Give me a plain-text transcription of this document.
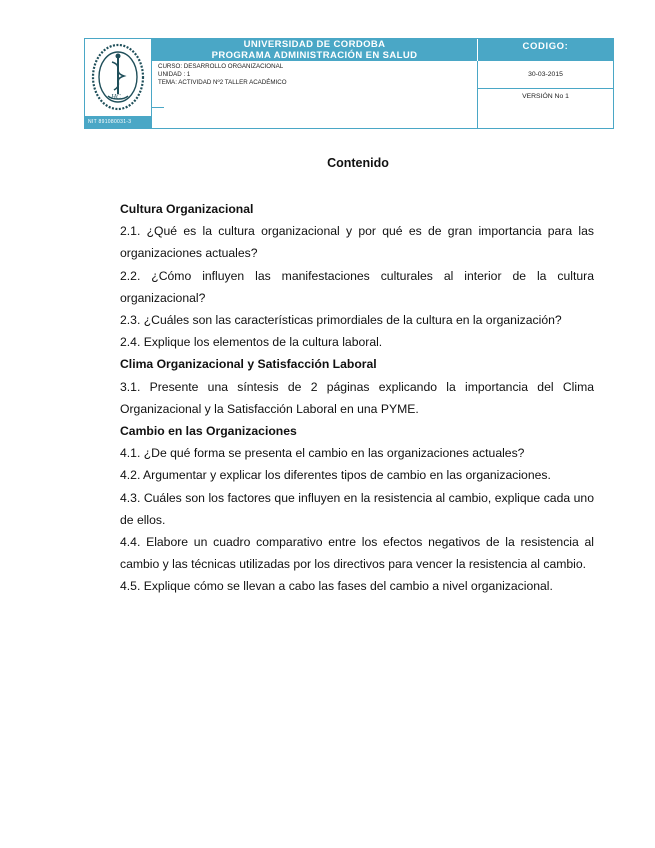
HC
NIT 891080031-3
UNIVERSIDAD DE CORDOBA
PROGRAMA ADMINISTRACIÓN EN SALUD
CODIGO:
CURSO: DESARROLLO ORGANIZACIONAL
UNIDAD : 1
TEMA: ACTIVIDAD Nº2 TALLER ACADÉMICO
30-03-2015
VERSIÓN No 1
Contenido

Cultura Organizacional

2.1. ¿Qué es la cultura organizacional y por qué es de gran importancia para las organizaciones actuales?

2.2. ¿Cómo influyen las manifestaciones culturales al interior de la cultura organizacional?

2.3. ¿Cuáles son las características primordiales de la cultura en la organización?

2.4. Explique los elementos de la cultura laboral.

Clima Organizacional y Satisfacción Laboral

3.1. Presente una síntesis de 2 páginas explicando la importancia del Clima Organizacional y la Satisfacción Laboral en una PYME.

Cambio en las Organizaciones

4.1. ¿De qué forma se presenta el cambio en las organizaciones actuales?

4.2. Argumentar y explicar los diferentes tipos de cambio en las organizaciones.

4.3. Cuáles son los factores que influyen en la resistencia al cambio, explique cada uno de ellos.

4.4. Elabore un cuadro comparativo entre los efectos negativos de la resistencia al cambio y las técnicas utilizadas por los directivos para vencer la resistencia al cambio.

4.5. Explique cómo se llevan a cabo las fases del cambio a nivel organizacional.
